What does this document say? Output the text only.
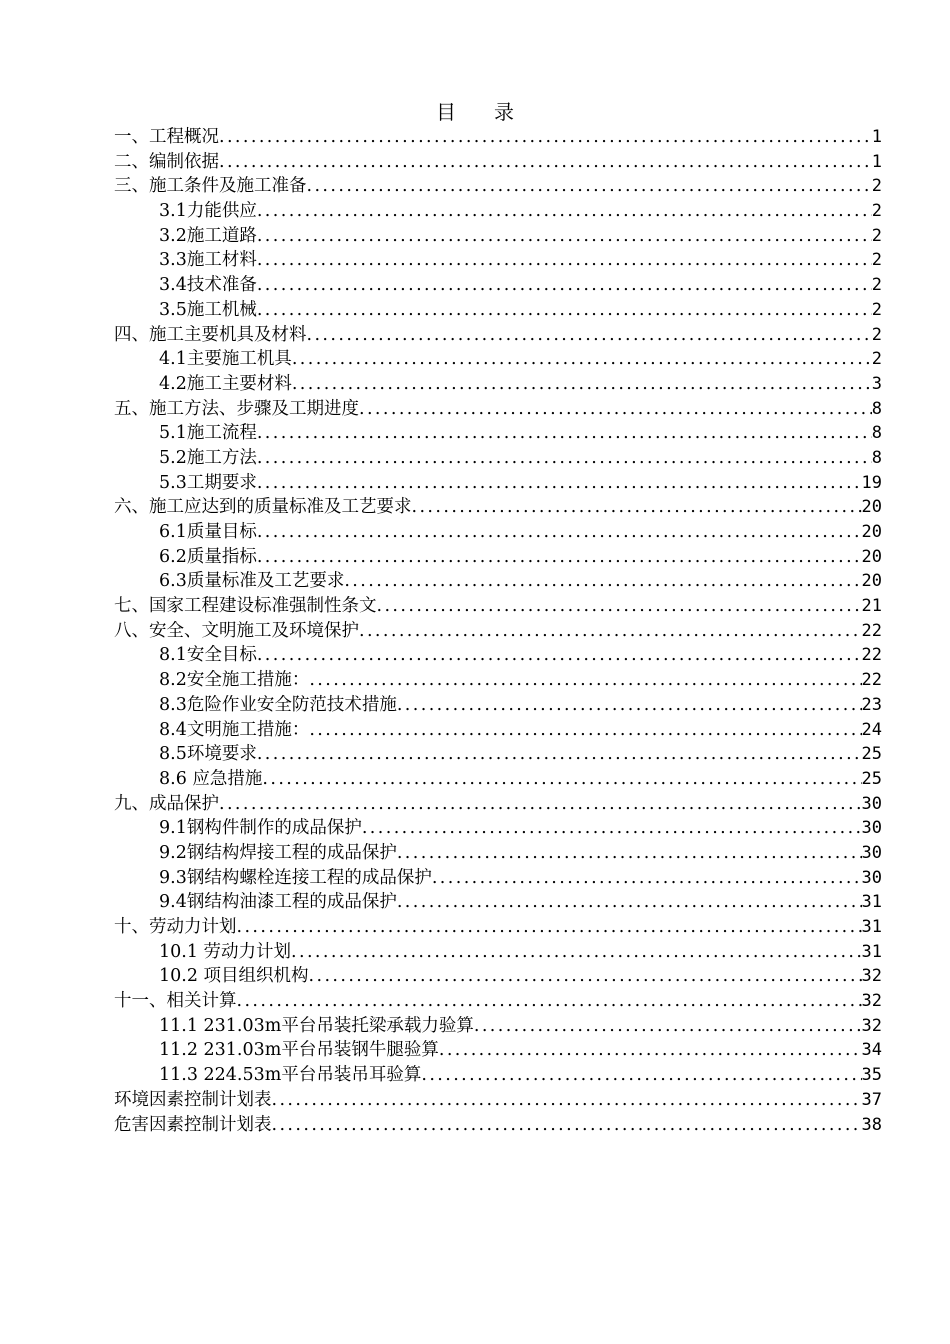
目 录
一、工程概况 .....	1
二、编制依据 .....	1
三、施工条件及施工准备 .....	2
3.1力能供应 .....	2
3.2施工道路 .....	2
3.3施工材料 .....	2
3.4技术准备 .....	2
3.5施工机械 .....	2
四、施工主要机具及材料 .....	2
4.1主要施工机具 .....	2
4.2施工主要材料 .....	3
五、施工方法、步骤及工期进度 .....	8
5.1施工流程 .....	8
5.2施工方法 .....	8
5.3工期要求 .....	19
六、施工应达到的质量标准及工艺要求 .....	20
6.1质量目标 .....	20
6.2质量指标 .....	20
6.3质量标准及工艺要求 .....	20
七、国家工程建设标准强制性条文 .....	21
八、安全、文明施工及环境保护 .....	22
8.1安全目标 .....	22
8.2安全施工措施： .....	22
8.3危险作业安全防范技术措施 .....	23
8.4文明施工措施： .....	24
8.5环境要求 .....	25
8.6 应急措施 .....	25
九、成品保护 .....	30
9.1钢构件制作的成品保护 .....	30
9.2钢结构焊接工程的成品保护 .....	30
9.3钢结构螺栓连接工程的成品保护 .....	30
9.4钢结构油漆工程的成品保护 .....	31
十、劳动力计划 .....	31
10.1 劳动力计划 .....	31
10.2 项目组织机构 .....	32
十一、相关计算 .....	32
11.1 231.03m平台吊装托梁承载力验算 .....	32
11.2 231.03m平台吊装钢牛腿验算 .....	34
11.3 224.53m平台吊装吊耳验算 .....	35
环境因素控制计划表 .....	37
危害因素控制计划表 .....	38
